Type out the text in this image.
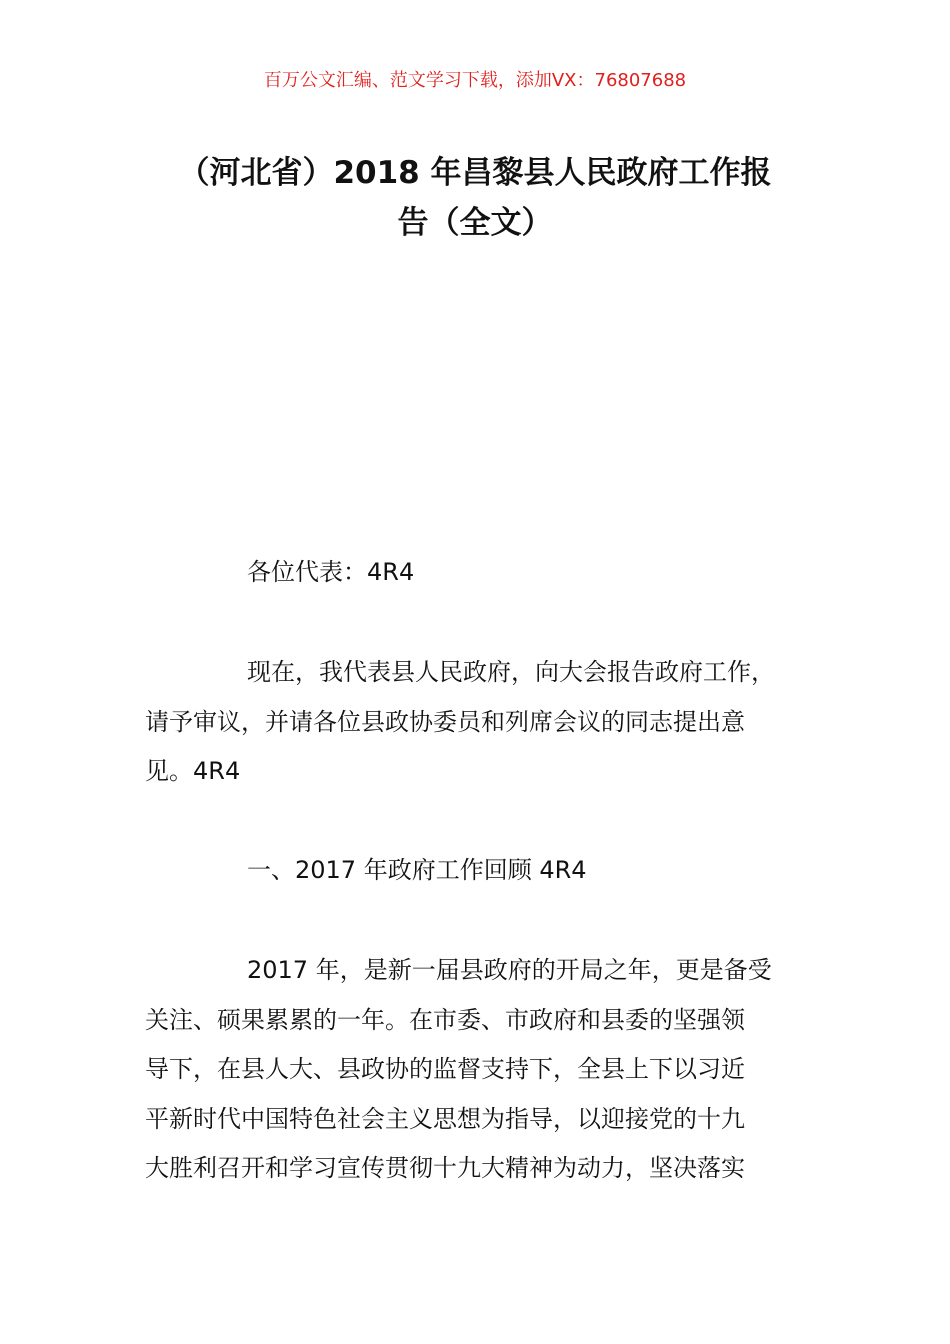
百万公文汇编、范文学习下载，添加VX：76807688
（河北省）2018 年昌黎县人民政府工作报
告（全文）
各位代表：4R4
现在，我代表县人民政府，向大会报告政府工作，
请予审议，并请各位县政协委员和列席会议的同志提出意
见。4R4
一、2017 年政府工作回顾 4R4
2017 年，是新一届县政府的开局之年，更是备受
关注、硕果累累的一年。在市委、市政府和县委的坚强领
导下，在县人大、县政协的监督支持下，全县上下以习近
平新时代中国特色社会主义思想为指导，以迎接党的十九
大胜利召开和学习宣传贯彻十九大精神为动力，坚决落实
